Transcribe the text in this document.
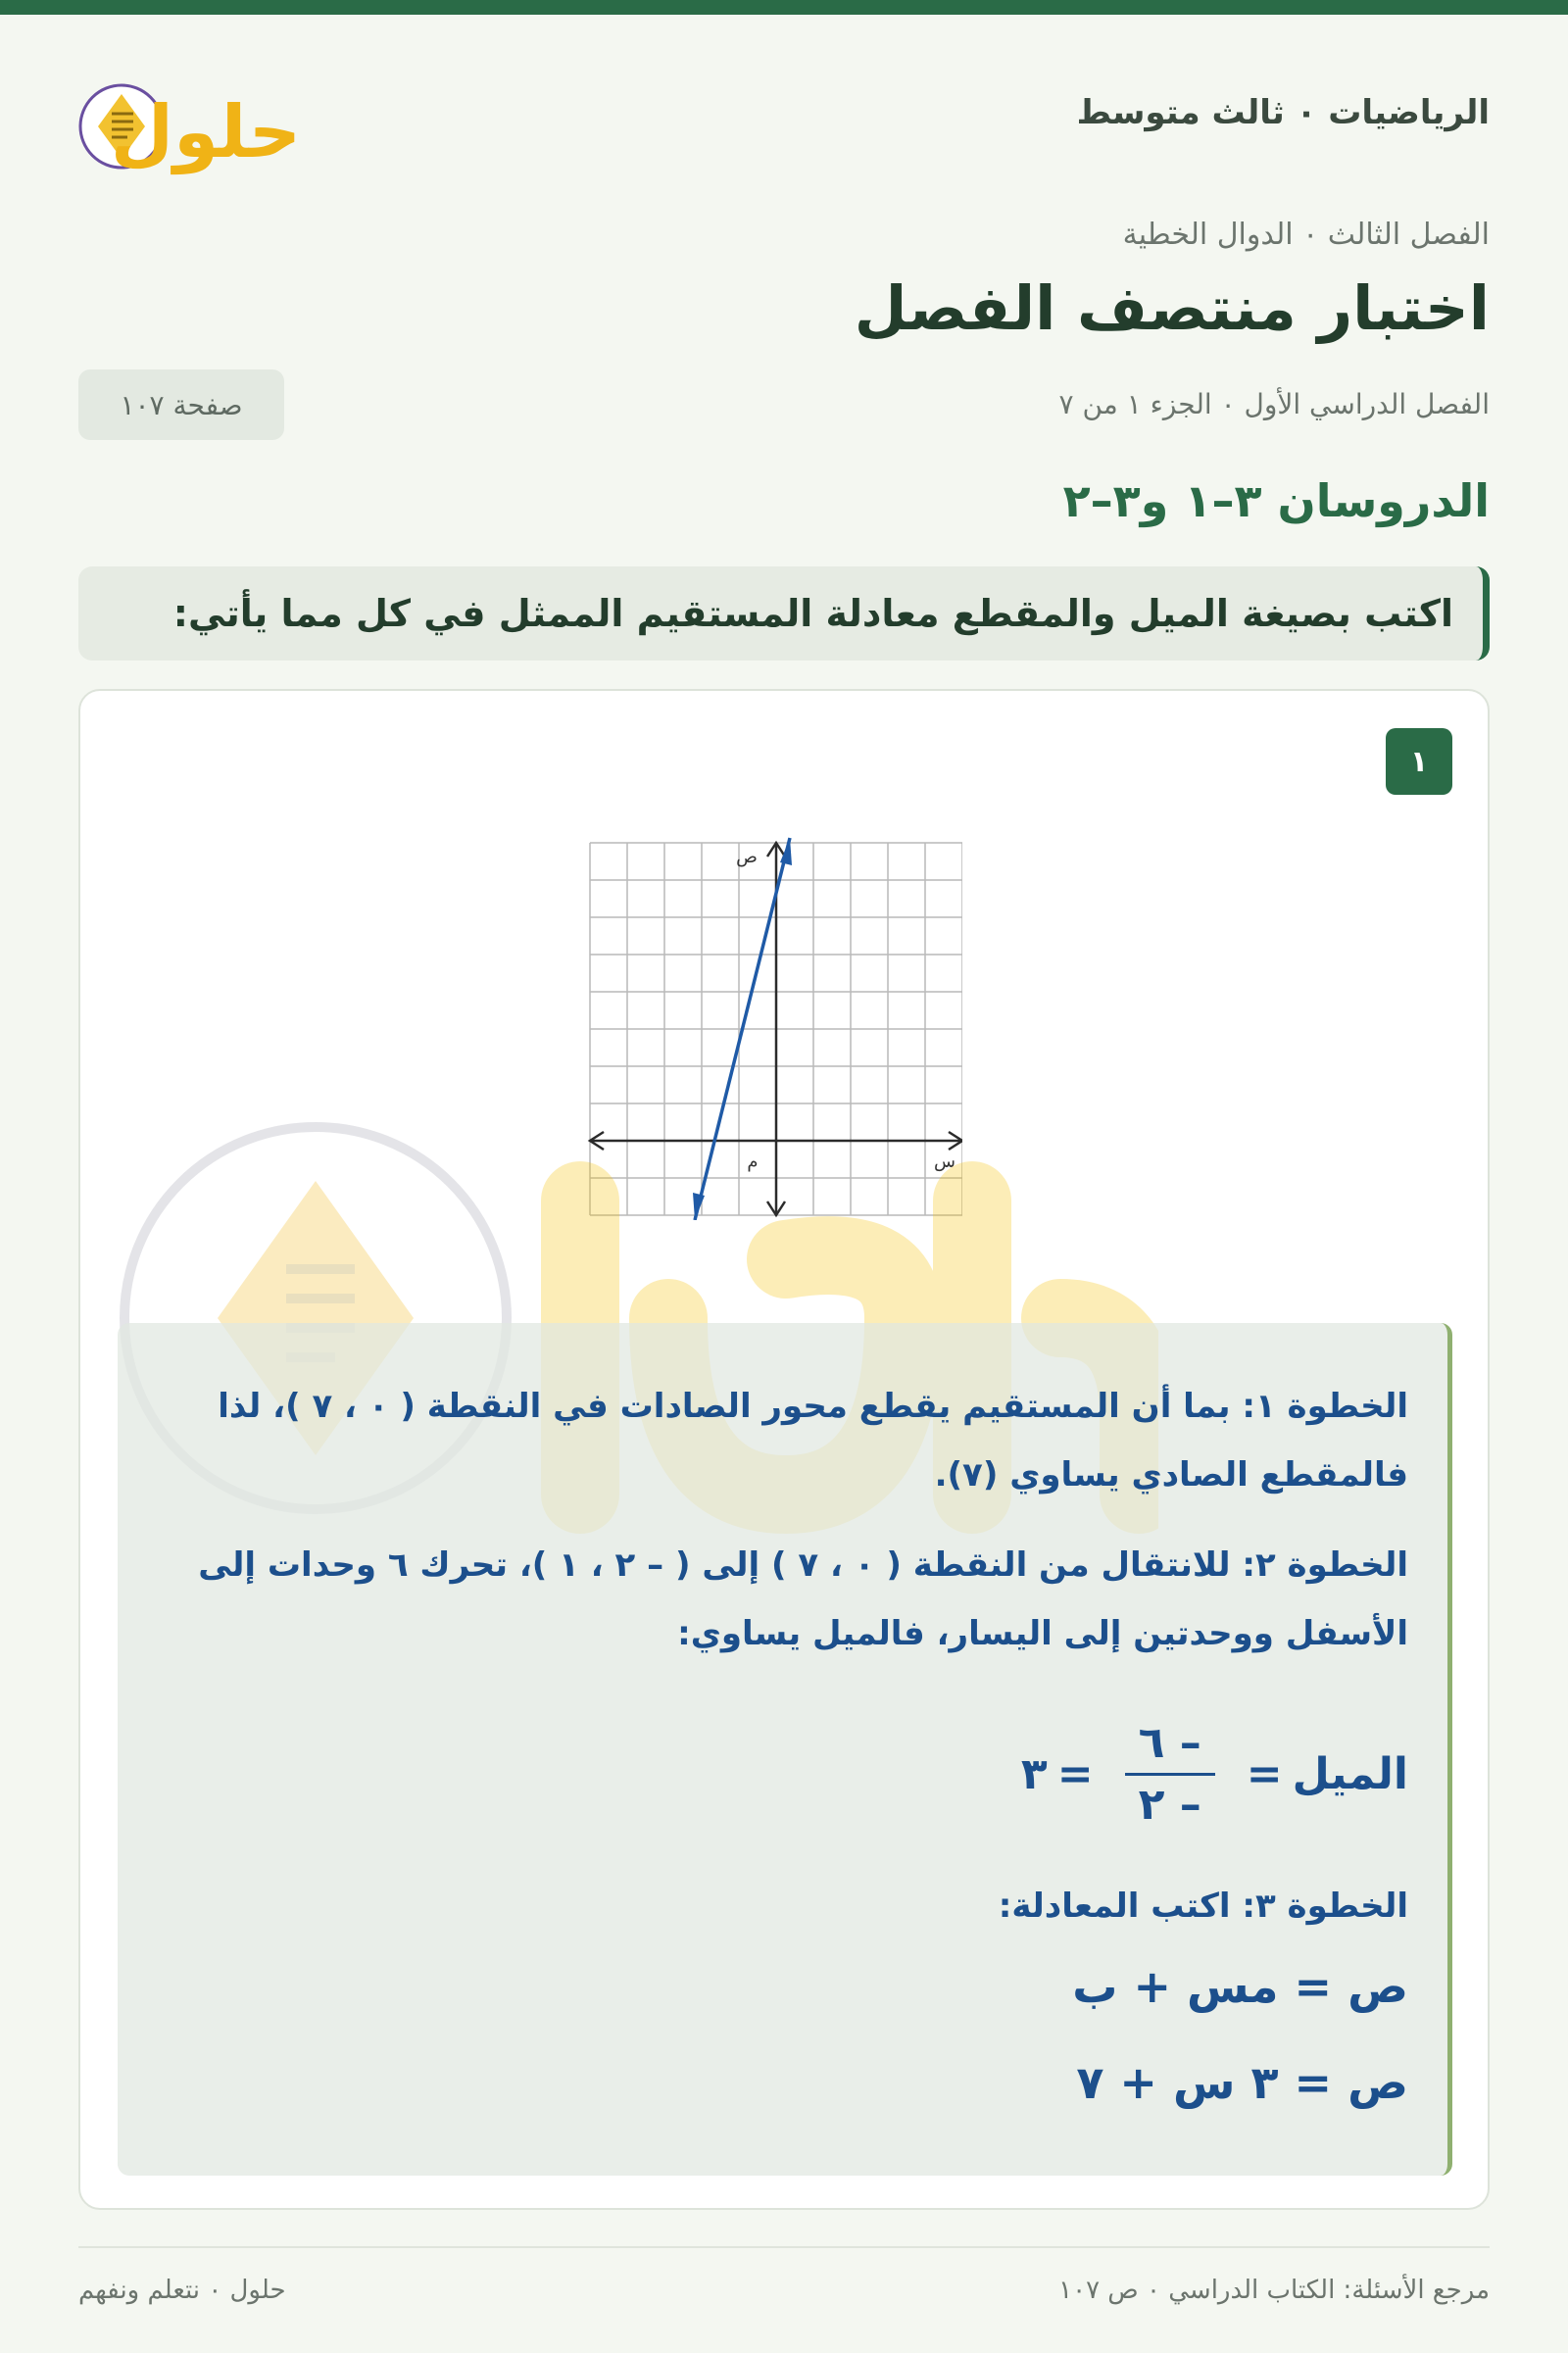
الرياضيات ٠ ثالث متوسط
حلول
الفصل الثالث ٠ الدوال الخطية
اختبار منتصف الفصل
الفصل الدراسي الأول ٠ الجزء ١ من ٧
صفحة ١٠٧
الدروسان ٣–١ و٣–٢
اكتب بصيغة الميل والمقطع معادلة المستقيم الممثل في كل مما يأتي:
١
ص
س
م
الخطوة ١: بما أن المستقيم يقطع محور الصادات في النقطة ( ٠ ، ٧ )، لذا فالمقطع الصادي يساوي (٧).
الخطوة ٢: للانتقال من النقطة ( ٠ ، ٧ ) إلى ( – ٢ ، ١ )، تحرك ٦ وحدات إلى الأسفل ووحدتين إلى اليسار، فالميل يساوي:
الميل
=
$\frac{- ٦}{- ٢}$
=
٣
الخطوة ٣: اكتب المعادلة:
ص = مس + ب
ص = ٣ س + ٧
مرجع الأسئلة: الكتاب الدراسي ٠ ص ١٠٧
حلول ٠ نتعلم ونفهم
